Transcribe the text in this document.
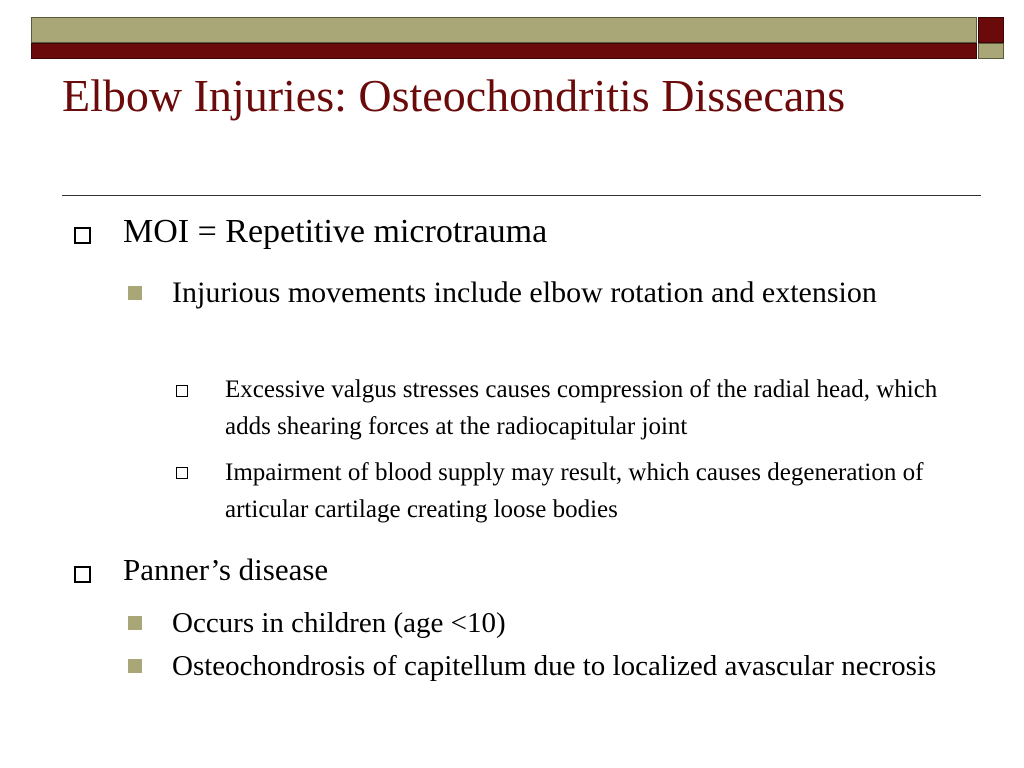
Elbow Injuries: Osteochondritis Dissecans

MOI = Repetitive microtrauma

Injurious movements include elbow rotation and extension

Excessive valgus stresses causes compression of the radial head, which adds shearing forces at the radiocapitular joint

Impairment of blood supply may result, which causes degeneration of articular cartilage creating loose bodies

Panner’s disease

Occurs in children (age <10)

Osteochondrosis of capitellum due to localized avascular necrosis
